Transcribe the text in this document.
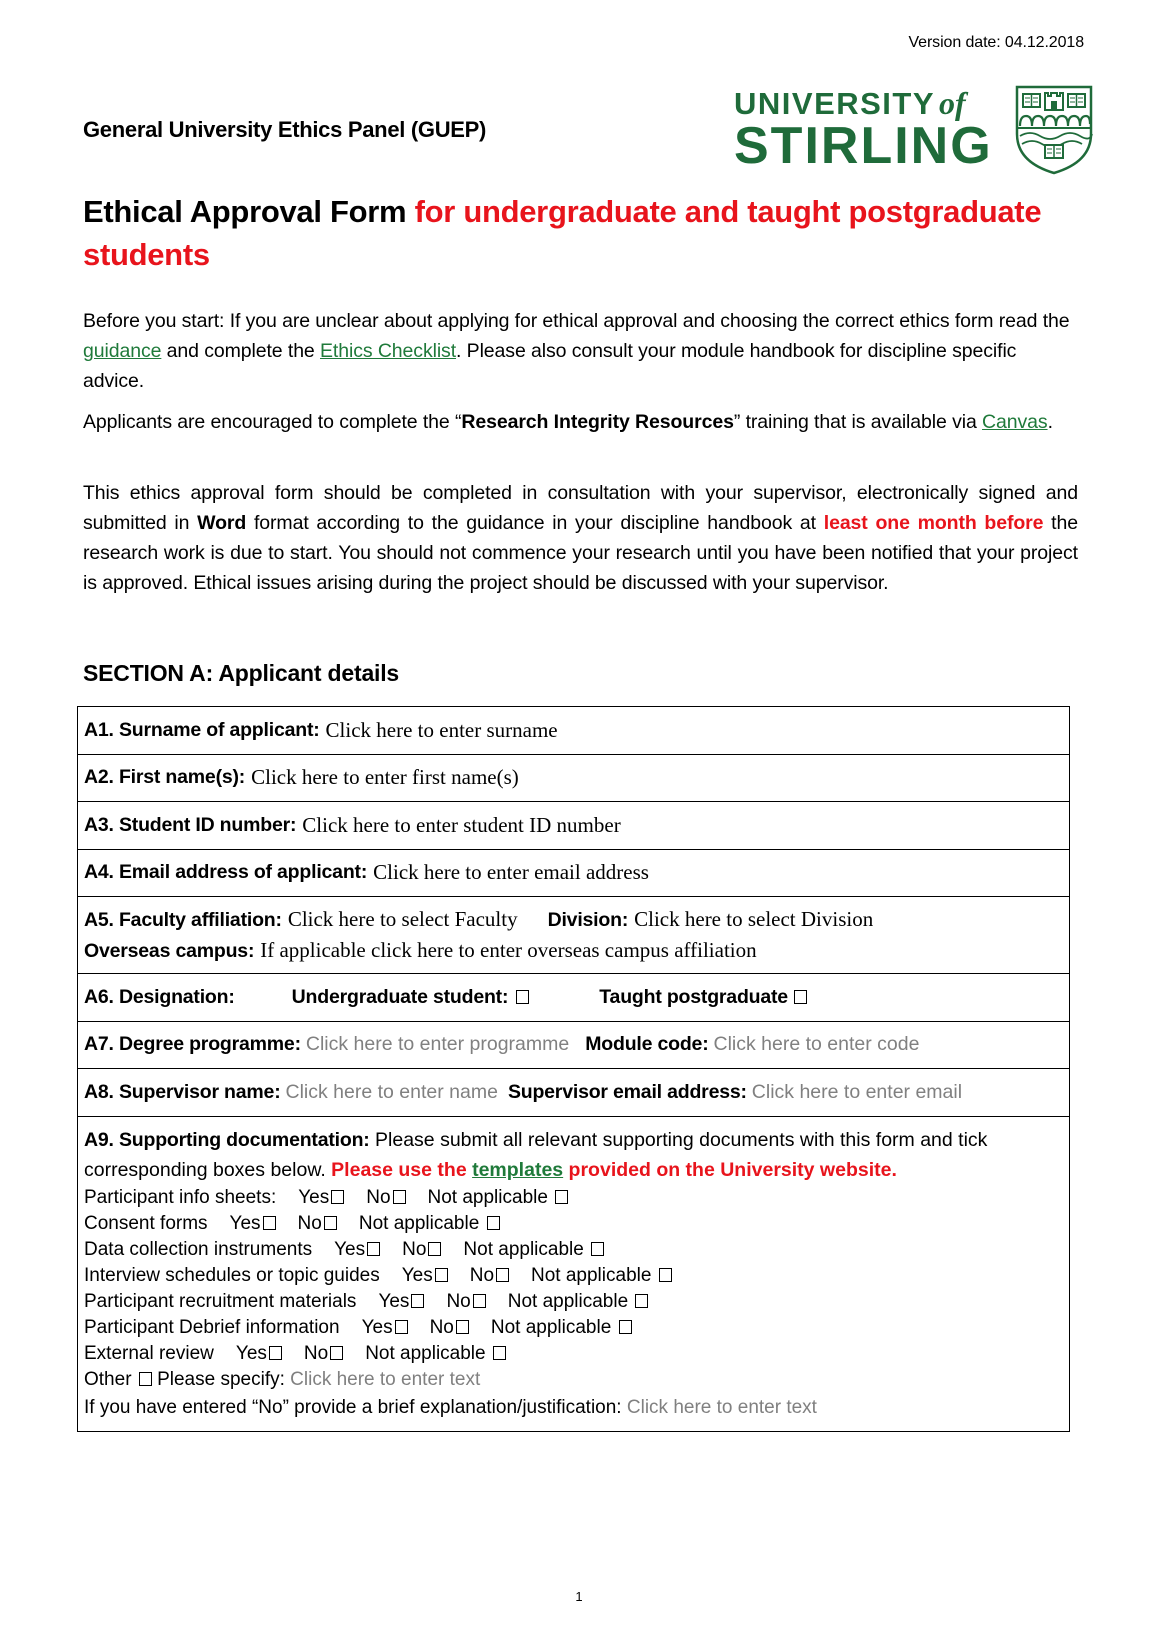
Version date: 04.12.2018
General University Ethics Panel (GUEP)
UNIVERSITY of
STIRLING
Ethical Approval Form for undergraduate and taught postgraduate students

Before you start: If you are unclear about applying for ethical approval and choosing the correct ethics form read the guidance and complete the Ethics Checklist. Please also consult your module handbook for discipline specific advice.

Applicants are encouraged to complete the “Research Integrity Resources” training that is available via Canvas.

This ethics approval form should be completed in consultation with your supervisor, electronically signed and submitted in Word format according to the guidance in your discipline handbook at least one month before the research work is due to start. You should not commence your research until you have been notified that your project is approved. Ethical issues arising during the project should be discussed with your supervisor.

SECTION A: Applicant details
A1. Surname of applicant: Click here to enter surname
A2. First name(s): Click here to enter first name(s)
A3. Student ID number: Click here to enter student ID number
A4. Email address of applicant: Click here to enter email address
A5. Faculty affiliation: Click here to select Faculty Division: Click here to select Division
Overseas campus: If applicable click here to enter overseas campus affiliation
A6. Designation:	Undergraduate student:	Taught postgraduate
A7. Degree programme: Click here to enter programme Module code: Click here to enter code
A8. Supervisor name: Click here to enter name Supervisor email address: Click here to enter email
A9. Supporting documentation: Please submit all relevant supporting documents with this form and tick corresponding boxes below. Please use the templates provided on the University website.
Participant info sheets: Yes No Not applicable
Consent forms Yes No Not applicable
Data collection instruments Yes No Not applicable
Interview schedules or topic guides Yes No Not applicable
Participant recruitment materials Yes No Not applicable
Participant Debrief information Yes No Not applicable
External review Yes No Not applicable
Other  Please specify: Click here to enter text
If you have entered “No” provide a brief explanation/justification: Click here to enter text
1
